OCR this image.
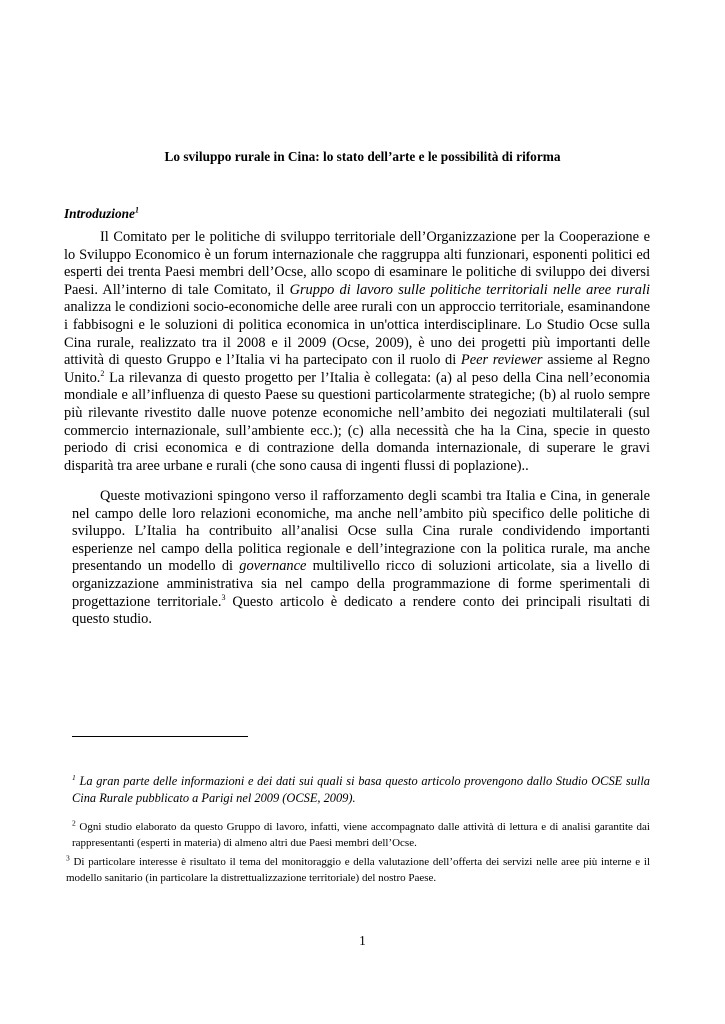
Lo sviluppo rurale in Cina: lo stato dell’arte e le possibilità di riforma
Introduzione$^1$

Il Comitato per le politiche di sviluppo territoriale dell’Organizzazione per la Cooperazione e lo Sviluppo Economico è un forum internazionale che raggruppa alti funzionari, esponenti politici ed esperti dei trenta Paesi membri dell’Ocse, allo scopo di esaminare le politiche di sviluppo dei diversi Paesi. All’interno di tale Comitato, il Gruppo di lavoro sulle politiche territoriali nelle aree rurali analizza le condizioni socio-economiche delle aree rurali con un approccio territoriale, esaminandone i fabbisogni e le soluzioni di politica economica in un'ottica interdisciplinare. Lo Studio Ocse sulla Cina rurale, realizzato tra il 2008 e il 2009 (Ocse, 2009), è uno dei progetti più importanti delle attività di questo Gruppo e l’Italia vi ha partecipato con il ruolo di Peer reviewer assieme al Regno Unito.$^2$ La rilevanza di questo progetto per l’Italia è collegata: (a) al peso della Cina nell’economia mondiale e all’influenza di questo Paese su questioni particolarmente strategiche; (b) al ruolo sempre più rilevante rivestito dalle nuove potenze economiche nell’ambito dei negoziati multilaterali (sul commercio internazionale, sull’ambiente ecc.); (c) alla necessità che ha la Cina, specie in questo periodo di crisi economica e di contrazione della domanda internazionale, di superare le gravi disparità tra aree urbane e rurali (che sono causa di ingenti flussi di poplazione)..

Queste motivazioni spingono verso il rafforzamento degli scambi tra Italia e Cina, in generale nel campo delle loro relazioni economiche, ma anche nell’ambito più specifico delle politiche di sviluppo. L’Italia ha contribuito all’analisi Ocse sulla Cina rurale condividendo importanti esperienze nel campo della politica regionale e dell’integrazione con la politica rurale, ma anche presentando un modello di governance multilivello ricco di soluzioni articolate, sia a livello di organizzazione amministrativa sia nel campo della programmazione di forme sperimentali di progettazione territoriale.$^3$ Questo articolo è dedicato a rendere conto dei principali risultati di questo studio.

$^1$ La gran parte delle informazioni e dei dati sui quali si basa questo articolo provengono dallo Studio OCSE sulla Cina Rurale pubblicato a Parigi nel 2009 (OCSE, 2009).

$^2$ Ogni studio elaborato da questo Gruppo di lavoro, infatti, viene accompagnato dalle attività di lettura e di analisi garantite dai rappresentanti (esperti in materia) di almeno altri due Paesi membri dell’Ocse.

$^3$ Di particolare interesse è risultato il tema del monitoraggio e della valutazione dell’offerta dei servizi nelle aree più interne e il modello sanitario (in particolare la distrettualizzazione territoriale) del nostro Paese.

1
